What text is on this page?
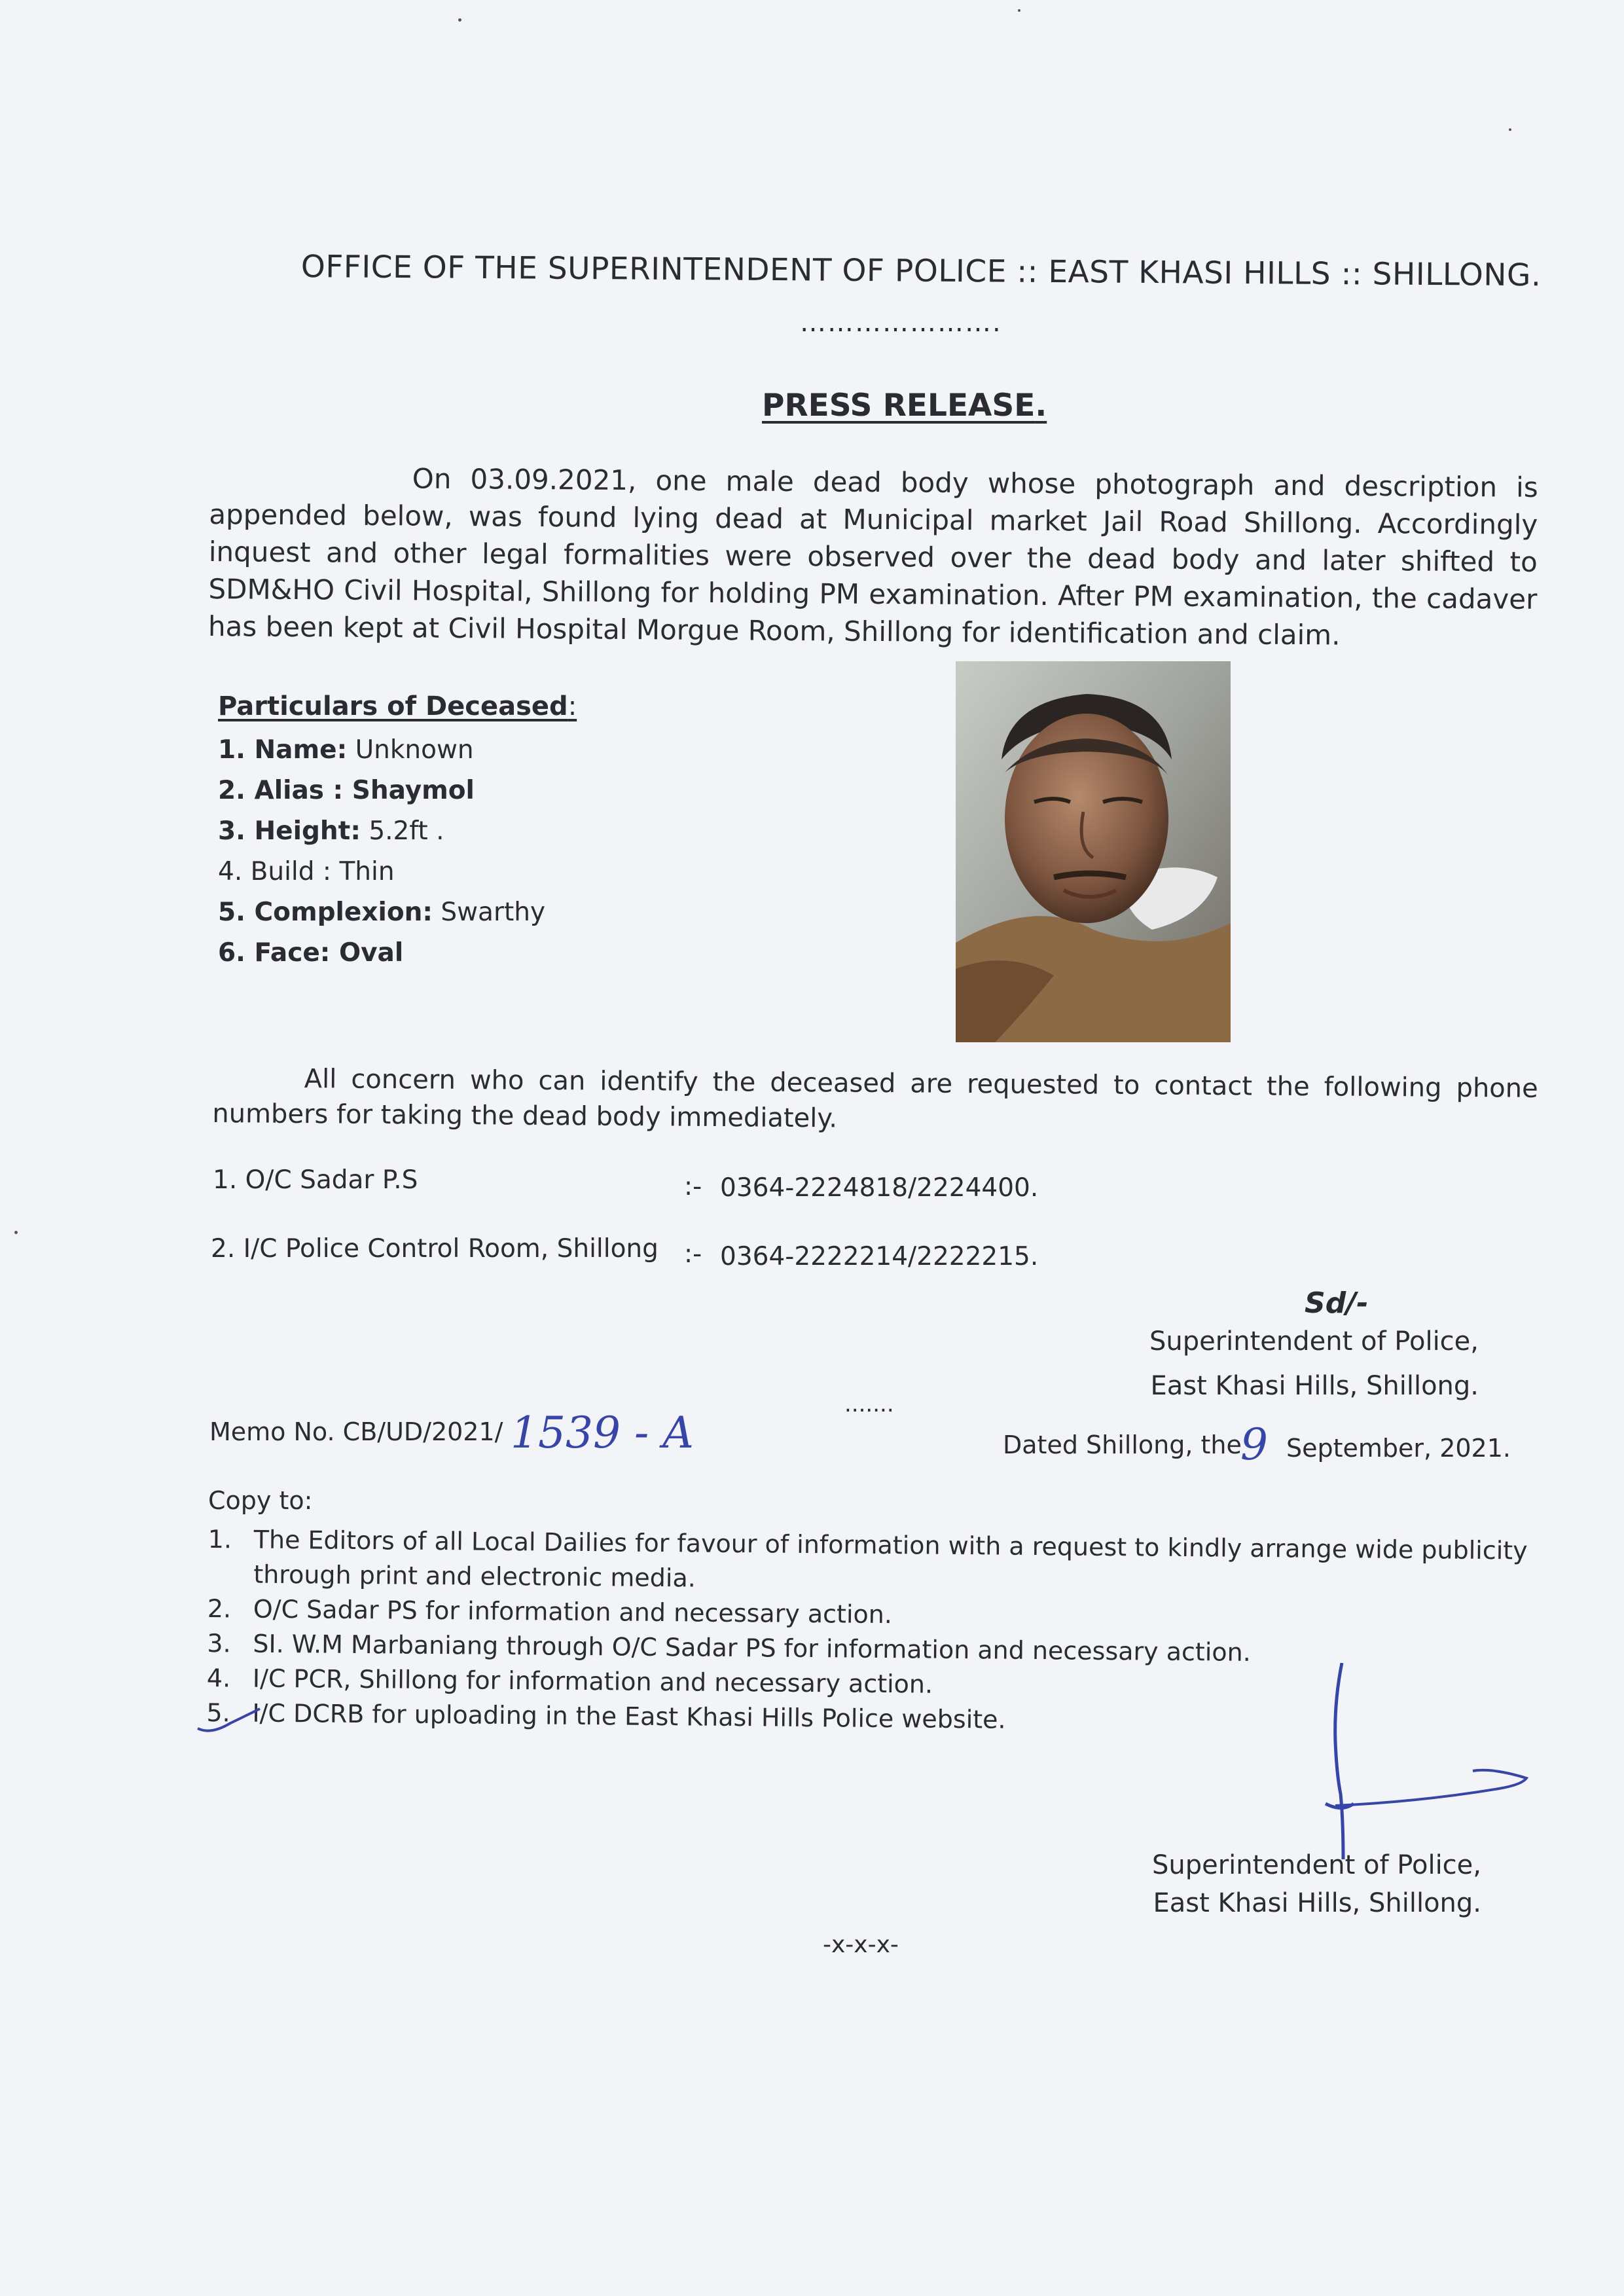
OFFICE OF THE SUPERINTENDENT OF POLICE :: EAST KHASI HILLS :: SHILLONG.
………………….
PRESS RELEASE.
On 03.09.2021, one male dead body whose photograph and description is appended below, was found lying dead at Municipal market Jail Road Shillong. Accordingly inquest and other legal formalities were observed over the dead body and later shifted to SDM&HO Civil Hospital, Shillong for holding PM examination. After PM examination, the cadaver has been kept at Civil Hospital Morgue Room, Shillong for identification and claim.
Particulars of Deceased:
1. Name: Unknown
2. Alias : Shaymol
3. Height: 5.2ft .
4. Build : Thin
5. Complexion: Swarthy
6. Face: Oval
All concern who can identify the deceased are requested to contact the following phone numbers for taking the dead body immediately.
1. O/C Sadar P.S	:- 0364-2224818/2224400.
2. I/C Police Control Room, Shillong :- 0364-2222214/2222215.
Sd/-
Superintendent of Police,
East Khasi Hills, Shillong.
.......
Memo No. CB/UD/2021/ 1539 - A	Dated Shillong, the
9 September, 2021.
Copy to:
1. The Editors of all Local Dailies for favour of information with a request to kindly arrange wide publicity through print and electronic media.
2. O/C Sadar PS for information and necessary action.
3. SI. W.M Marbaniang through O/C Sadar PS for information and necessary action.
4. I/C PCR, Shillong for information and necessary action.
5. I/C DCRB for uploading in the East Khasi Hills Police website.
Superintendent of Police,
East Khasi Hills, Shillong.
-x-x-x-
